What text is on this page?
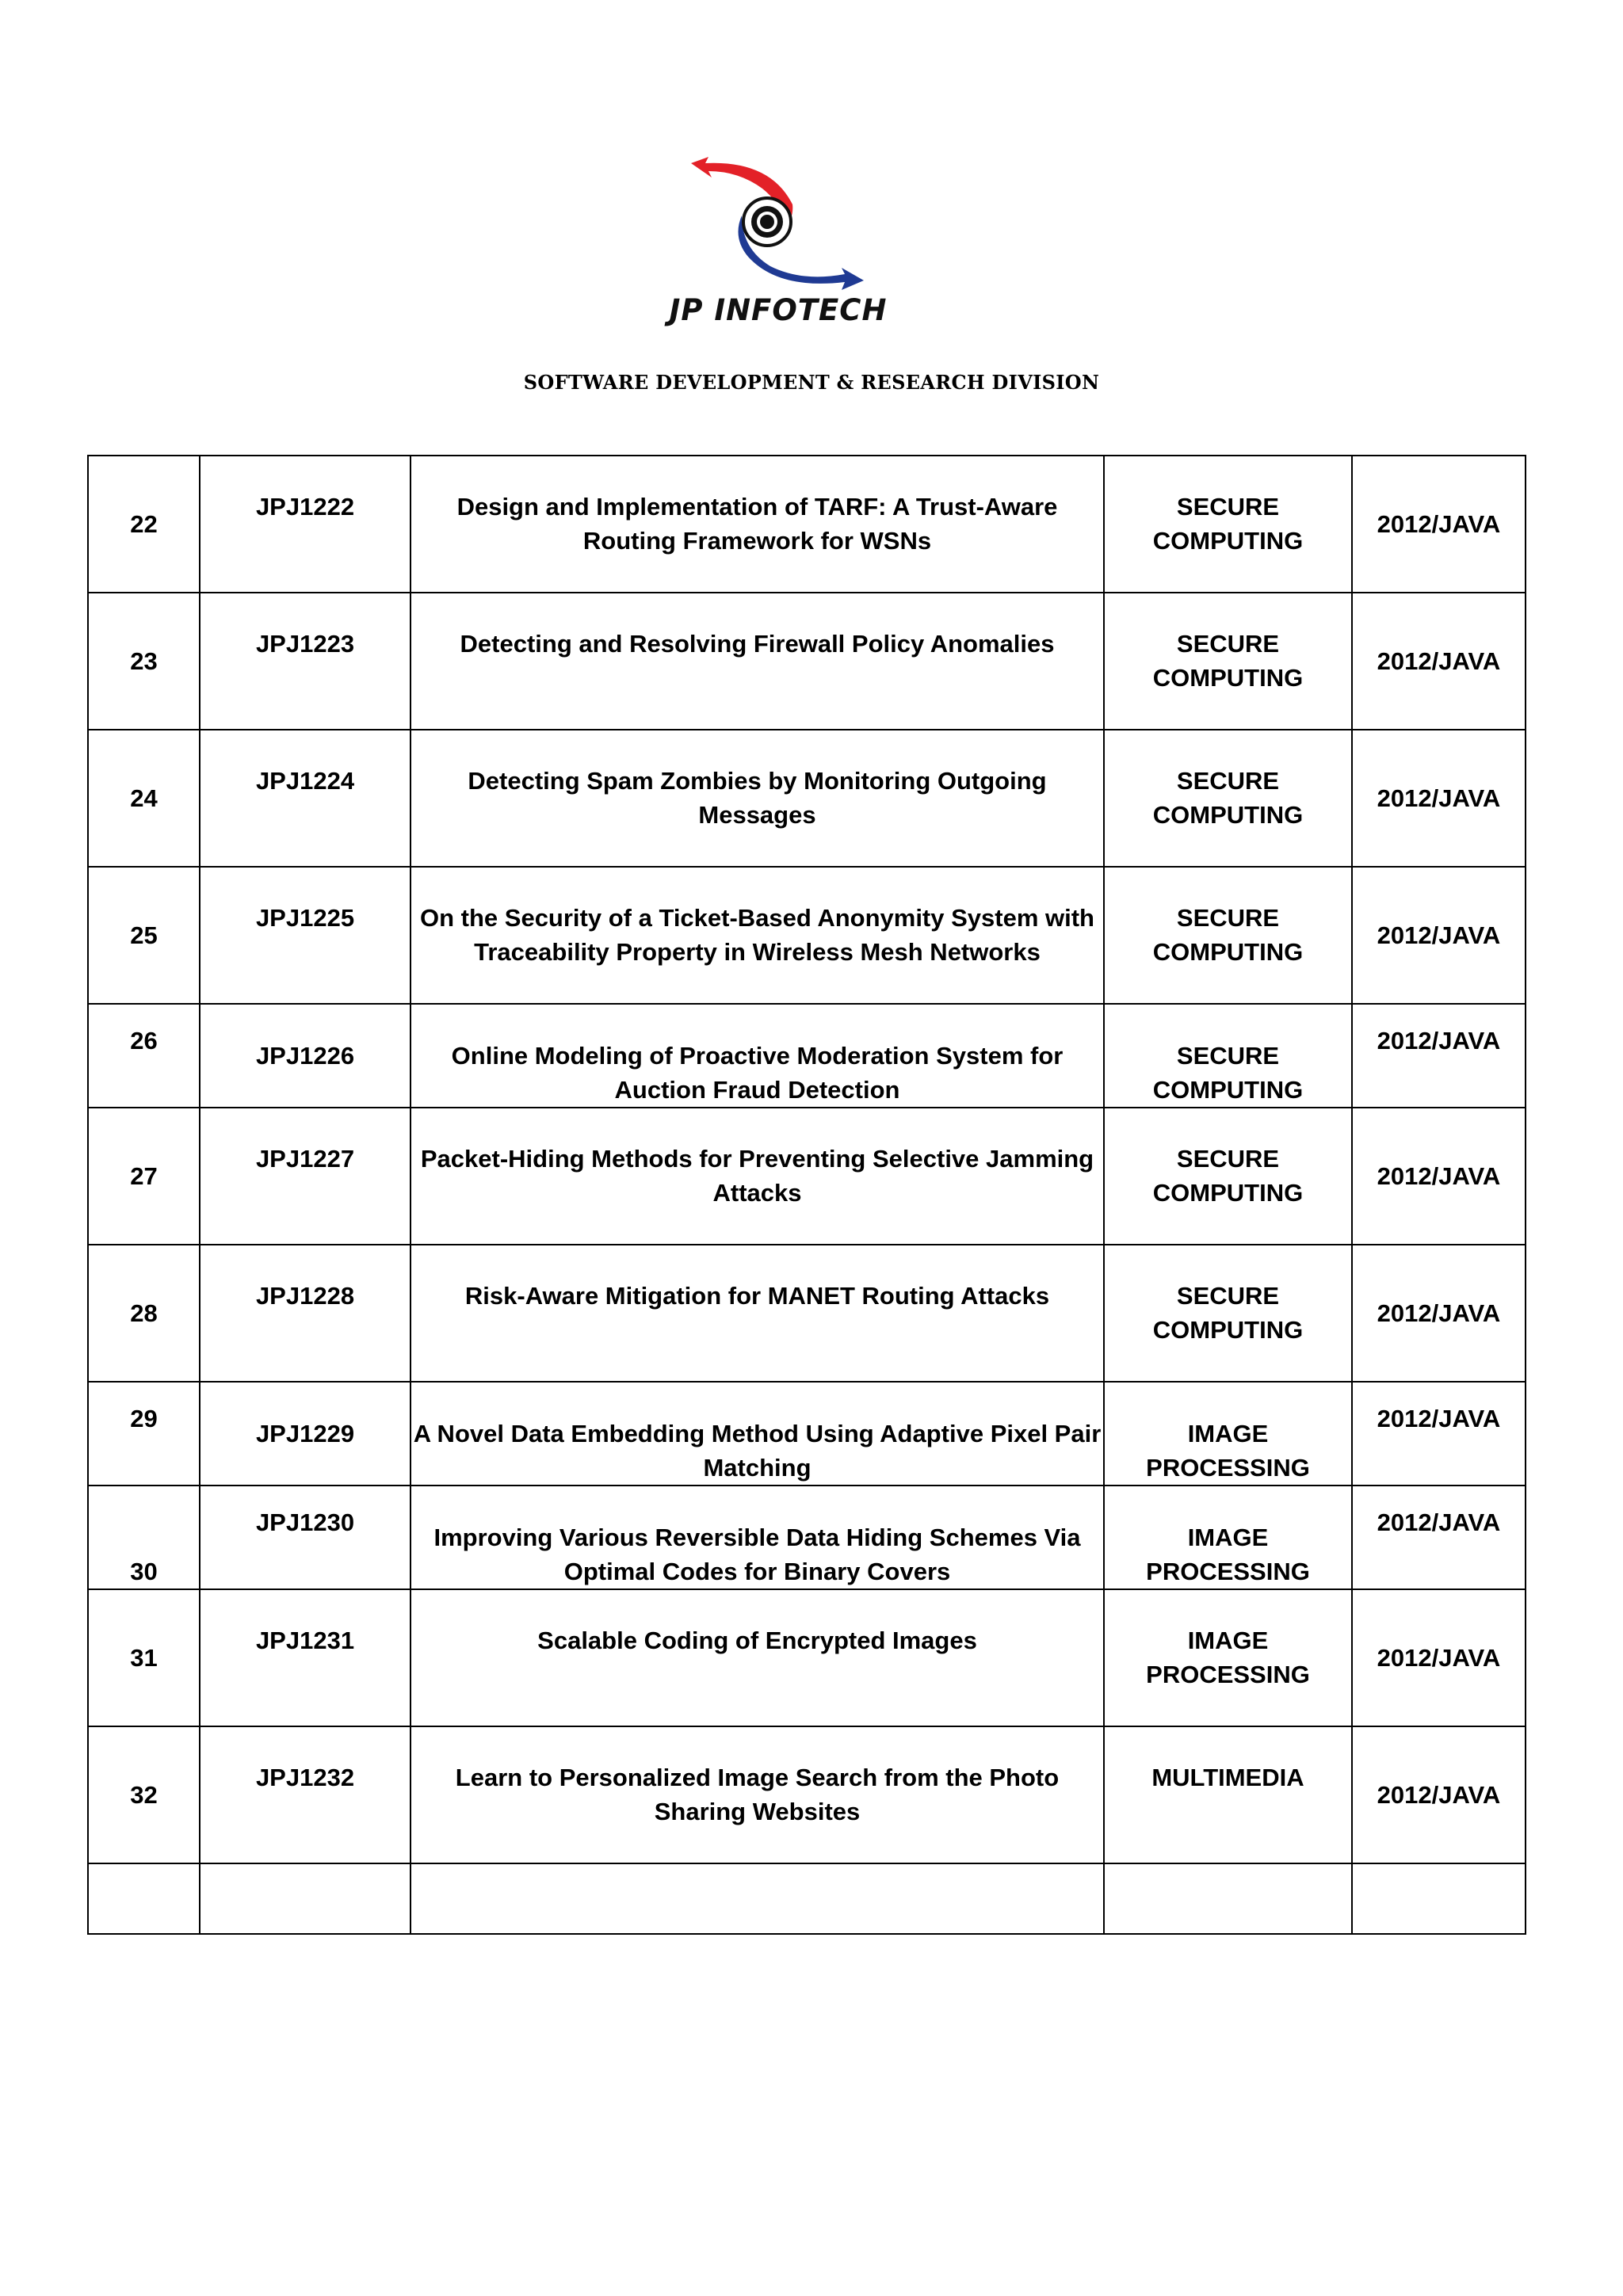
JP INFOTECH
SOFTWARE DEVELOPMENT & RESEARCH DIVISION
22	JPJ1222	Design and Implementation of TARF: A Trust-Aware Routing Framework for WSNs	SECURE COMPUTING	2012/JAVA

23	JPJ1223	Detecting and Resolving Firewall Policy Anomalies	SECURE COMPUTING	2012/JAVA

24	JPJ1224	Detecting Spam Zombies by Monitoring Outgoing Messages	SECURE COMPUTING	2012/JAVA

25	JPJ1225	On the Security of a Ticket-Based Anonymity System with Traceability Property in Wireless Mesh Networks	SECURE COMPUTING	2012/JAVA

26	JPJ1226	Online Modeling of Proactive Moderation System for Auction Fraud Detection	SECURE COMPUTING	2012/JAVA

27	JPJ1227	Packet-Hiding Methods for Preventing Selective Jamming Attacks	SECURE COMPUTING	2012/JAVA

28	JPJ1228	Risk-Aware Mitigation for MANET Routing Attacks	SECURE COMPUTING	2012/JAVA

29	JPJ1229	A Novel Data Embedding Method Using Adaptive Pixel Pair Matching	IMAGE PROCESSING	2012/JAVA

30	JPJ1230	Improving Various Reversible Data Hiding Schemes Via Optimal Codes for Binary Covers	IMAGE PROCESSING	2012/JAVA

31	JPJ1231	Scalable Coding of Encrypted Images	IMAGE PROCESSING	2012/JAVA

32	JPJ1232	Learn to Personalized Image Search from the Photo Sharing Websites	MULTIMEDIA	2012/JAVA
